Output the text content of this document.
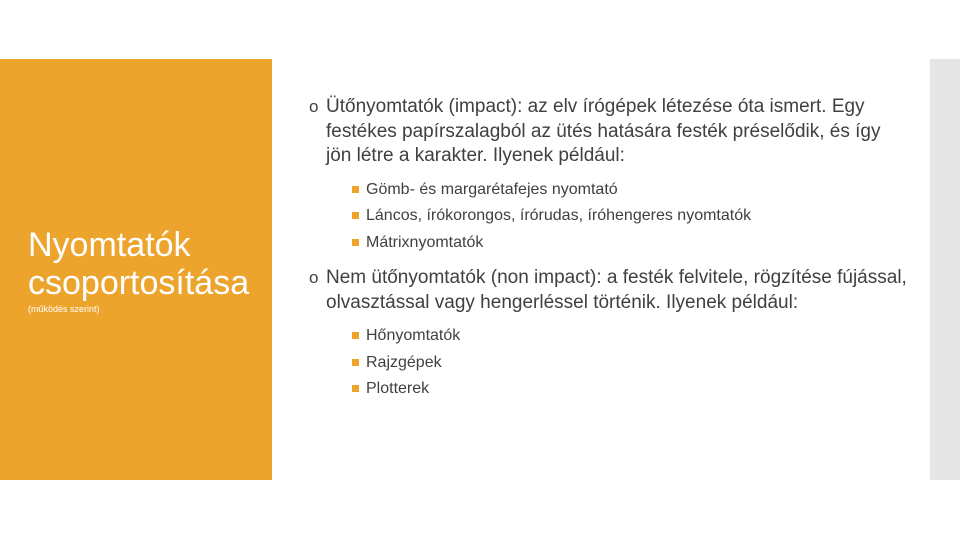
Nyomtatók csoportosítása
(működés szerint)

o Ütőnyomtatók (impact): az elv írógépek létezése óta ismert. Egy festékes papírszalagból az ütés hatására festék préselődik, és így jön létre a karakter. Ilyenek például:

Gömb- és margarétafejes nyomtató
Láncos, írókorongos, írórudas, íróhengeres nyomtatók
Mátrixnyomtatók

o Nem ütőnyomtatók (non impact): a festék felvitele, rögzítése fújással, olvasztással vagy hengerléssel történik. Ilyenek például:

Hőnyomtatók
Rajzgépek
Plotterek
